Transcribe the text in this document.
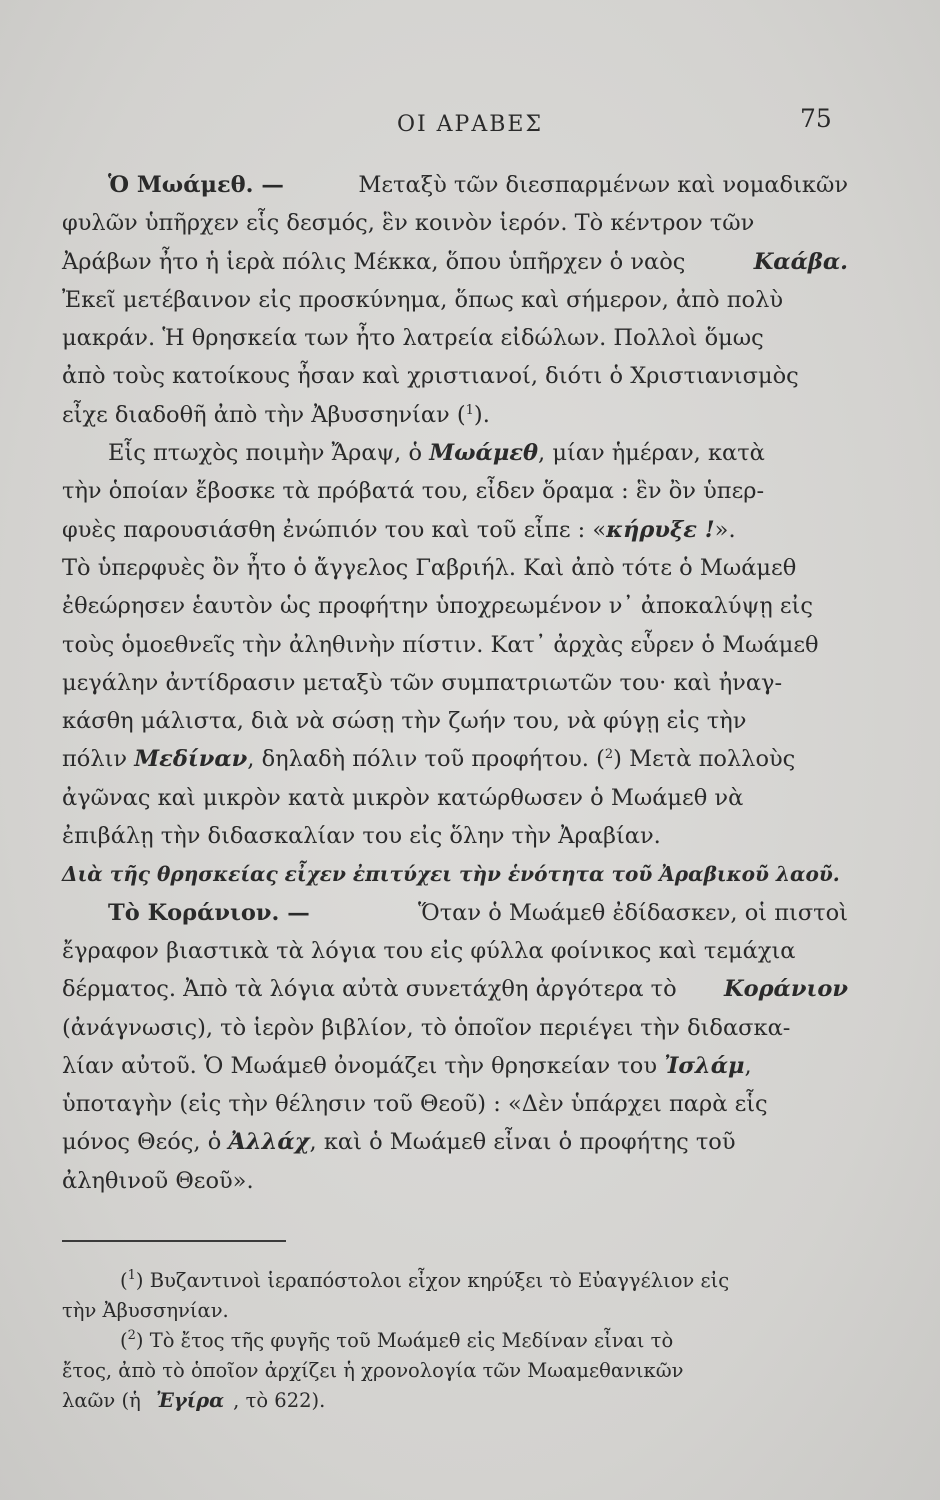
ΟΙ ΑΡΑΒΕΣ	75
Ὁ Μωάμεθ. —	Μεταξὺ τῶν διεσπαρμένων καὶ νομαδικῶν
φυλῶν ὑπῆρχεν εἷς δεσμός, ἓν κοινὸν ἱερόν. Τὸ κέντρον τῶν
Ἀράβων ἦτο ἡ ἱερὰ πόλις Μέκκα, ὅπου ὑπῆρχεν ὁ ναὸς	Καάβα.
Ἐκεῖ μετέβαινον εἰς προσκύνημα, ὅπως καὶ σήμερον, ἀπὸ πολὺ
μακράν. Ἡ θρησκεία των ἦτο λατρεία εἰδώλων. Πολλοὶ ὅμως
ἀπὸ τοὺς κατοίκους ἦσαν καὶ χριστιανοί, διότι ὁ Χριστιανισμὸς
εἶχε διαδοθῆ ἀπὸ τὴν Ἀβυσσηνίαν ($^1$).
Εἷς πτωχὸς ποιμὴν Ἄραψ, ὁ Μωάμεθ, μίαν ἡμέραν, κατὰ
τὴν ὁποίαν ἔβοσκε τὰ πρόβατά του, εἶδεν ὅραμα : ἓν ὂν ὑπερ-
φυὲς παρουσιάσθη ἐνώπιόν του καὶ τοῦ εἶπε : «κήρυξε !».
Τὸ ὑπερφυὲς ὂν ἦτο ὁ ἄγγελος Γαβριήλ. Καὶ ἀπὸ τότε ὁ Μωάμεθ
ἐθεώρησεν ἑαυτὸν ὡς προφήτην ὑποχρεωμένον ν᾽ ἀποκαλύψῃ εἰς
τοὺς ὁμοεθνεῖς τὴν ἀληθινὴν πίστιν. Κατ᾽ ἀρχὰς εὗρεν ὁ Μωάμεθ
μεγάλην ἀντίδρασιν μεταξὺ τῶν συμπατριωτῶν του· καὶ ἠναγ-
κάσθη μάλιστα, διὰ νὰ σώσῃ τὴν ζωήν του, νὰ φύγῃ εἰς τὴν
πόλιν Μεδίναν, δηλαδὴ πόλιν τοῦ προφήτου. ($^2$) Μετὰ πολλοὺς
ἀγῶνας καὶ μικρὸν κατὰ μικρὸν κατώρθωσεν ὁ Μωάμεθ νὰ
ἐπιβάλῃ τὴν διδασκαλίαν του εἰς ὅλην τὴν Ἀραβίαν.
Διὰ τῆς θρησκείας εἶχεν ἐπιτύχει τὴν ἑνότητα τοῦ Ἀραβικοῦ λαοῦ.
Τὸ Κοράνιον. —	Ὅταν ὁ Μωάμεθ ἐδίδασκεν, οἱ πιστοὶ
ἔγραφον βιαστικὰ τὰ λόγια του εἰς φύλλα φοίνικος καὶ τεμάχια
δέρματος. Ἀπὸ τὰ λόγια αὐτὰ συνετάχθη ἀργότερα τὸ Κοράνιον
(ἀνάγνωσις), τὸ ἱερὸν βιβλίον, τὸ ὁποῖον περιέγει τὴν διδασκα-
λίαν αὐτοῦ. Ὁ Μωάμεθ ὀνομάζει τὴν θρησκείαν του Ἰσλάμ,
ὑποταγὴν (εἰς τὴν θέλησιν τοῦ Θεοῦ) : «Δὲν ὑπάρχει παρὰ εἷς
μόνος Θεός, ὁ Ἀλλάχ, καὶ ὁ Μωάμεθ εἶναι ὁ προφήτης τοῦ
ἀληθινοῦ Θεοῦ».
($^1$) Βυζαντινοὶ ἱεραπόστολοι εἶχον κηρύξει τὸ Εὐαγγέλιον εἰς
τὴν Ἀβυσσηνίαν.
($^2$) Τὸ ἔτος τῆς φυγῆς τοῦ Μωάμεθ εἰς Μεδίναν εἶναι τὸ
ἔτος, ἀπὸ τὸ ὁποῖον ἀρχίζει ἡ χρονολογία τῶν Μωαμεθανικῶν
λαῶν (ἡ Ἐγίρα , τὸ 622).
